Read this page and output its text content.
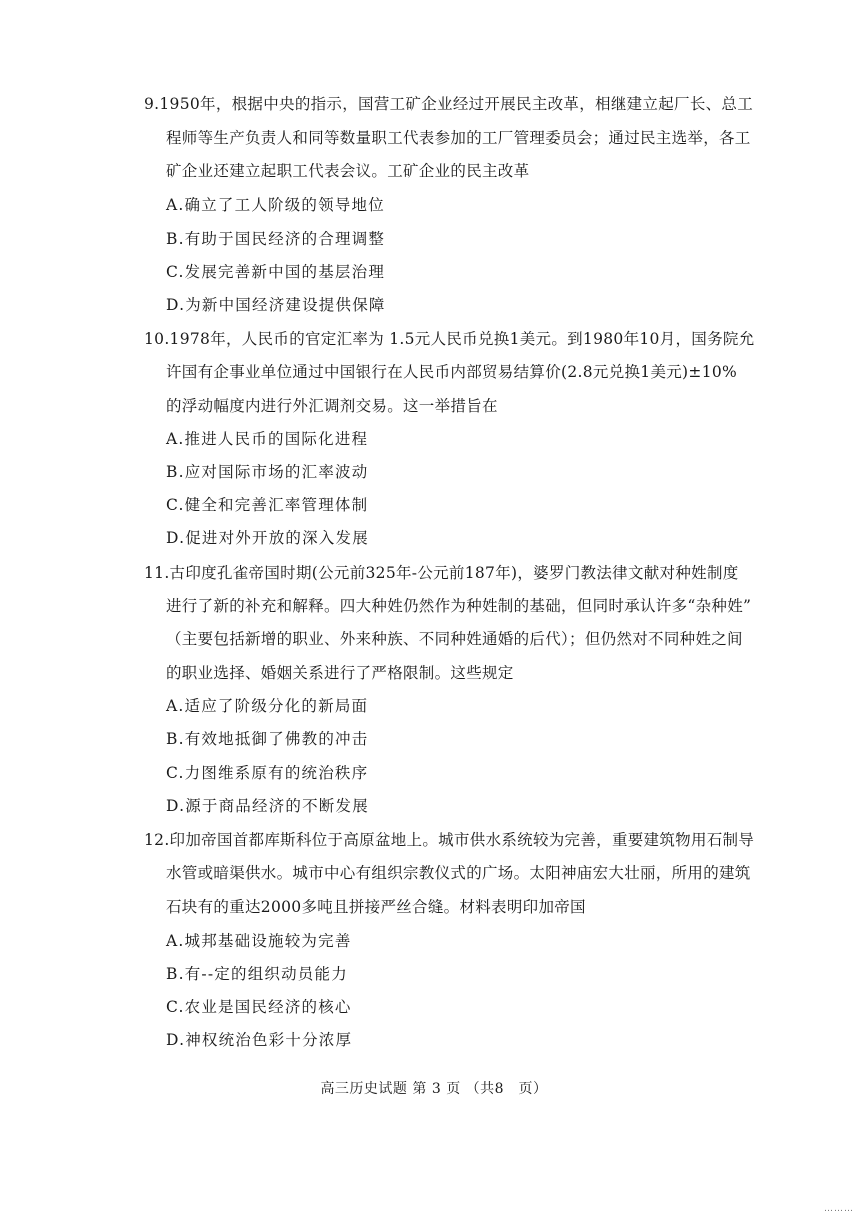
9.1950年，根据中央的指示，国营工矿企业经过开展民主改革，相继建立起厂长、总工
程师等生产负责人和同等数量职工代表参加的工厂管理委员会；通过民主选举，各工
矿企业还建立起职工代表会议。工矿企业的民主改革
A.确立了工人阶级的领导地位
B.有助于国民经济的合理调整
C.发展完善新中国的基层治理
D.为新中国经济建设提供保障
10.1978年，人民币的官定汇率为 1.5元人民币兑换1美元。到1980年10月，国务院允
许国有企事业单位通过中国银行在人民币内部贸易结算价(2.8元兑换1美元)±10%
的浮动幅度内进行外汇调剂交易。这一举措旨在
A.推进人民币的国际化进程
B.应对国际市场的汇率波动
C.健全和完善汇率管理体制
D.促进对外开放的深入发展
11.古印度孔雀帝国时期(公元前325年-公元前187年)，婆罗门教法律文献对种姓制度
进行了新的补充和解释。四大种姓仍然作为种姓制的基础，但同时承认许多“杂种姓”
（主要包括新增的职业、外来种族、不同种姓通婚的后代）；但仍然对不同种姓之间
的职业选择、婚姻关系进行了严格限制。这些规定
A.适应了阶级分化的新局面
B.有效地抵御了佛教的冲击
C.力图维系原有的统治秩序
D.源于商品经济的不断发展
12.印加帝国首都库斯科位于高原盆地上。城市供水系统较为完善，重要建筑物用石制导
水管或暗渠供水。城市中心有组织宗教仪式的广场。太阳神庙宏大壮丽，所用的建筑
石块有的重达2000多吨且拼接严丝合缝。材料表明印加帝国
A.城邦基础设施较为完善
B.有--定的组织动员能力
C.农业是国民经济的核心
D.神权统治色彩十分浓厚
高三历史试题 第 3 页 （共8　页）
………
